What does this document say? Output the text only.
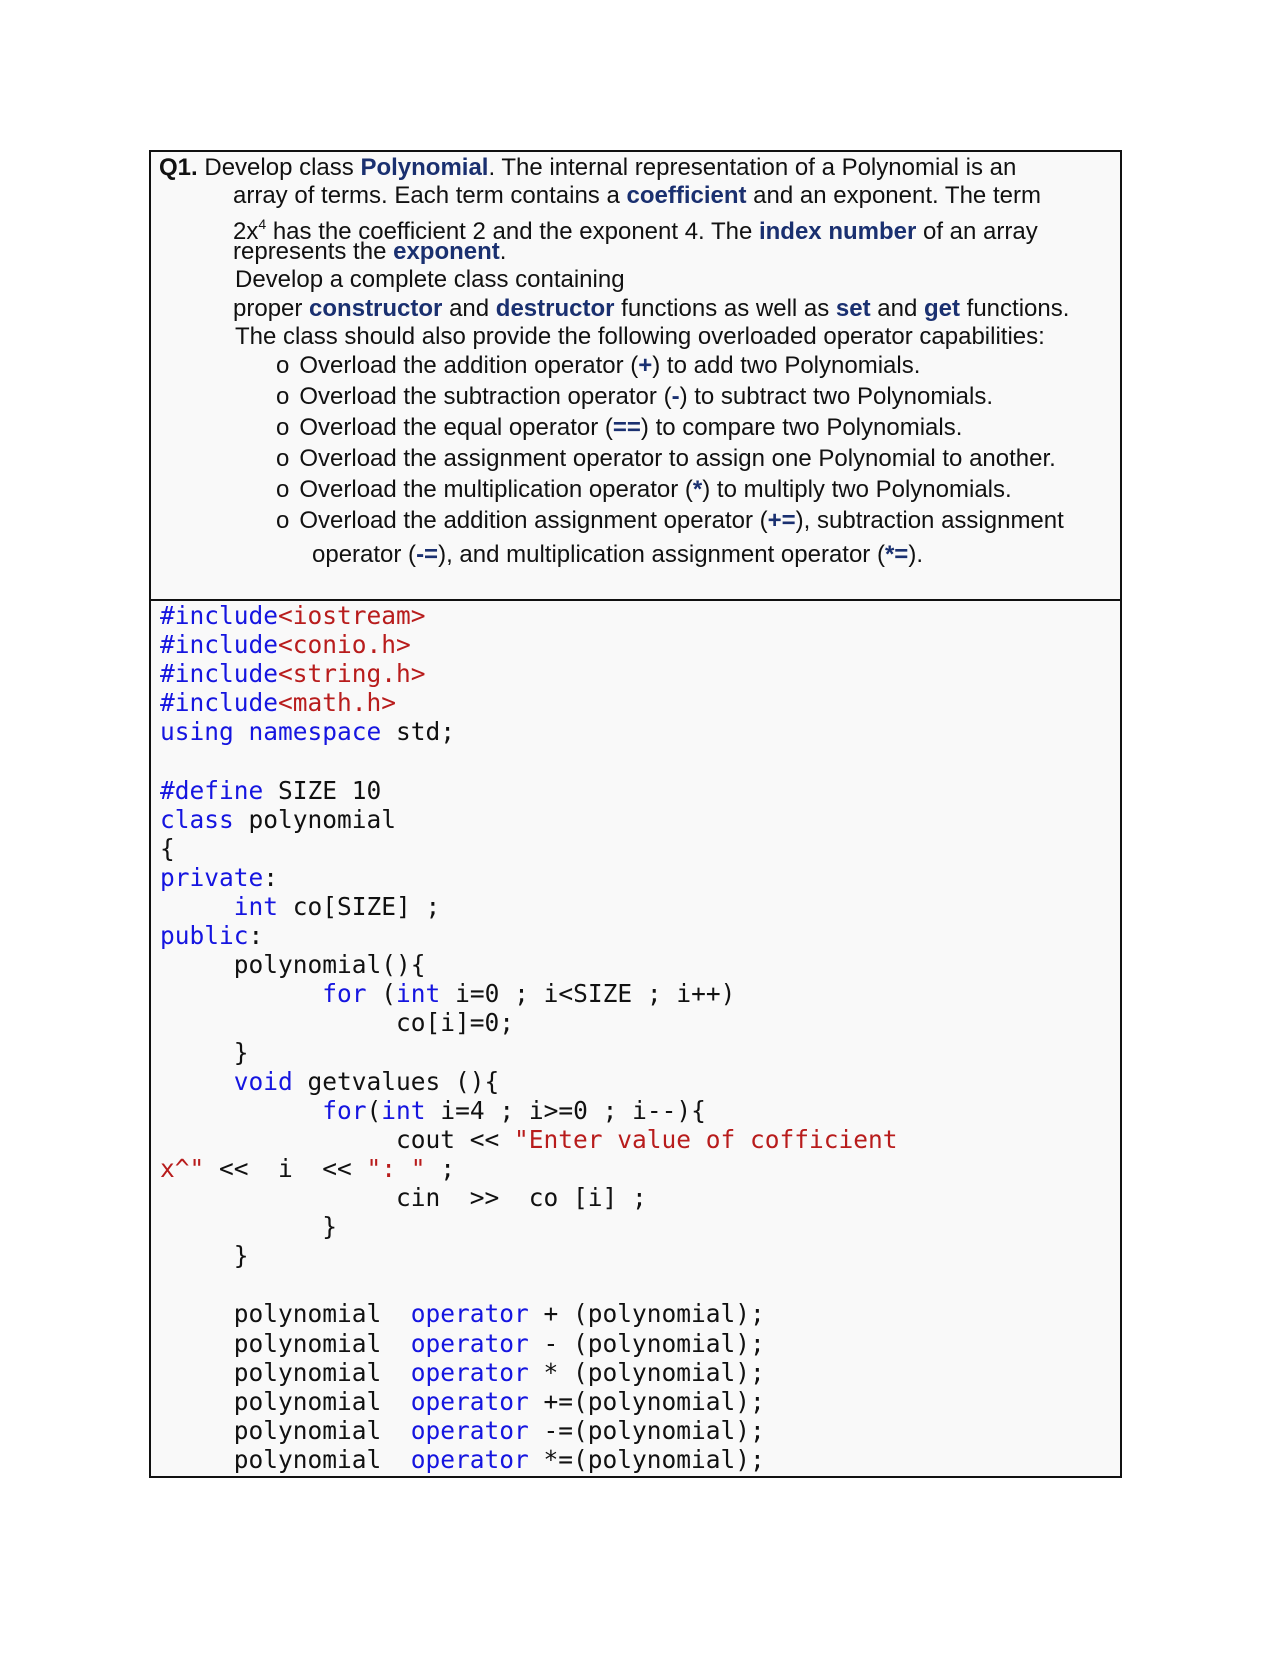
Q1. Develop class Polynomial. The internal representation of a Polynomial is an
array of terms. Each term contains a coefficient and an exponent. The term
$2x^4$ has the coefficient 2 and the exponent 4. The index number of an array
represents the exponent.
Develop a complete class containing
proper constructor and destructor functions as well as set and get functions.
The class should also provide the following overloaded operator capabilities:
o Overload the addition operator (+) to add two Polynomials.
o Overload the subtraction operator (-) to subtract two Polynomials.
o Overload the equal operator (==) to compare two Polynomials.
o Overload the assignment operator to assign one Polynomial to another.
o Overload the multiplication operator (*) to multiply two Polynomials.
o Overload the addition assignment operator (+=), subtraction assignment
operator (-=), and multiplication assignment operator (*=).
#include<iostream>
#include<conio.h>
#include<string.h>
#include<math.h>
using namespace std;
#define SIZE 10
class polynomial
{
private:
int co[SIZE] ;
public:
polynomial(){
for (int i=0 ; i<SIZE ; i++)
co[i]=0;
}
void getvalues (){
for(int i=4 ; i>=0 ; i--){
cout << "Enter value of cofficient
x^" <<  i  << ": " ;
cin  >>  co [i] ;
}
}
polynomial  operator + (polynomial);
polynomial  operator - (polynomial);
polynomial  operator * (polynomial);
polynomial  operator +=(polynomial);
polynomial  operator -=(polynomial);
polynomial  operator *=(polynomial);
